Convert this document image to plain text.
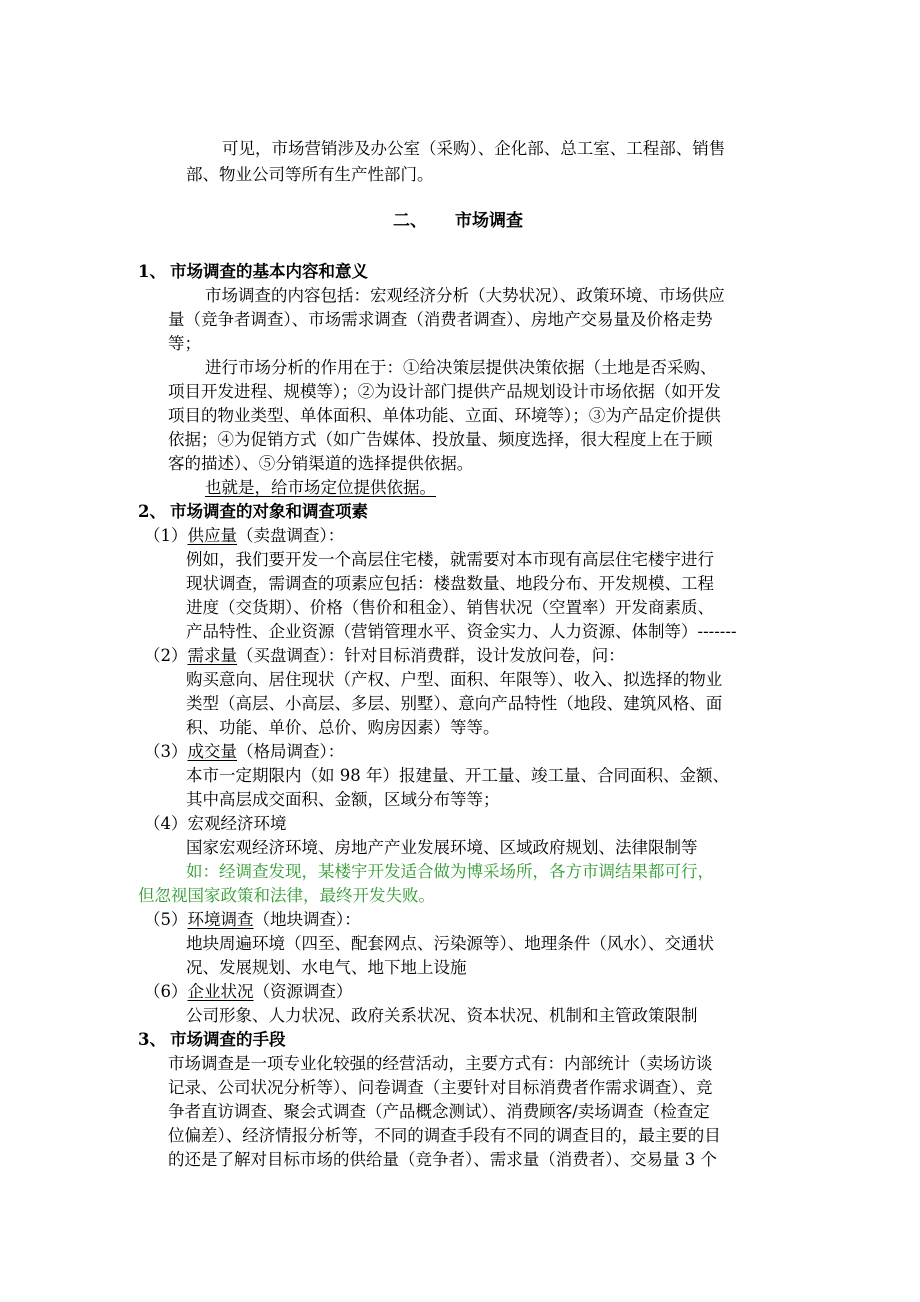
可见，市场营销涉及办公室（采购）、企化部、总工室、工程部、销售

部、物业公司等所有生产性部门。

二、 市场调查

1、 市场调查的基本内容和意义

市场调查的内容包括：宏观经济分析（大势状况）、政策环境、市场供应

量（竞争者调查）、市场需求调查（消费者调查）、房地产交易量及价格走势

等；

进行市场分析的作用在于：①给决策层提供决策依据（土地是否采购、

项目开发进程、规模等）；②为设计部门提供产品规划设计市场依据（如开发

项目的物业类型、单体面积、单体功能、立面、环境等）；③为产品定价提供

依据；④为促销方式（如广告媒体、投放量、频度选择，很大程度上在于顾

客的描述）、⑤分销渠道的选择提供依据。

也就是，给市场定位提供依据。

2、 市场调查的对象和调查项素

（1）供应量（卖盘调查）：

例如，我们要开发一个高层住宅楼，就需要对本市现有高层住宅楼宇进行

现状调查，需调查的项素应包括：楼盘数量、地段分布、开发规模、工程

进度（交货期）、价格（售价和租金）、销售状况（空置率）开发商素质、

产品特性、企业资源（营销管理水平、资金实力、人力资源、体制等）-------

（2）需求量（买盘调查）：针对目标消费群，设计发放问卷，问：

购买意向、居住现状（产权、户型、面积、年限等）、收入、拟选择的物业

类型（高层、小高层、多层、别墅）、意向产品特性（地段、建筑风格、面

积、功能、单价、总价、购房因素）等等。

（3）成交量（格局调查）：

本市一定期限内（如 98 年）报建量、开工量、竣工量、合同面积、金额、

其中高层成交面积、金额，区域分布等等；

（4）宏观经济环境

国家宏观经济环境、房地产产业发展环境、区域政府规划、法律限制等

如：经调查发现，某楼宇开发适合做为博采场所，各方市调结果都可行，

但忽视国家政策和法律，最终开发失败。

（5）环境调查（地块调查）：

地块周遍环境（四至、配套网点、污染源等）、地理条件（风水）、交通状

况、发展规划、水电气、地下地上设施

（6）企业状况（资源调查）

公司形象、人力状况、政府关系状况、资本状况、机制和主管政策限制

3、 市场调查的手段

市场调查是一项专业化较强的经营活动，主要方式有：内部统计（卖场访谈

记录、公司状况分析等）、问卷调查（主要针对目标消费者作需求调查）、竞

争者直访调查、聚会式调查（产品概念测试）、消费顾客/卖场调查（检查定

位偏差）、经济情报分析等，不同的调查手段有不同的调查目的，最主要的目

的还是了解对目标市场的供给量（竞争者）、需求量（消费者）、交易量 3 个
